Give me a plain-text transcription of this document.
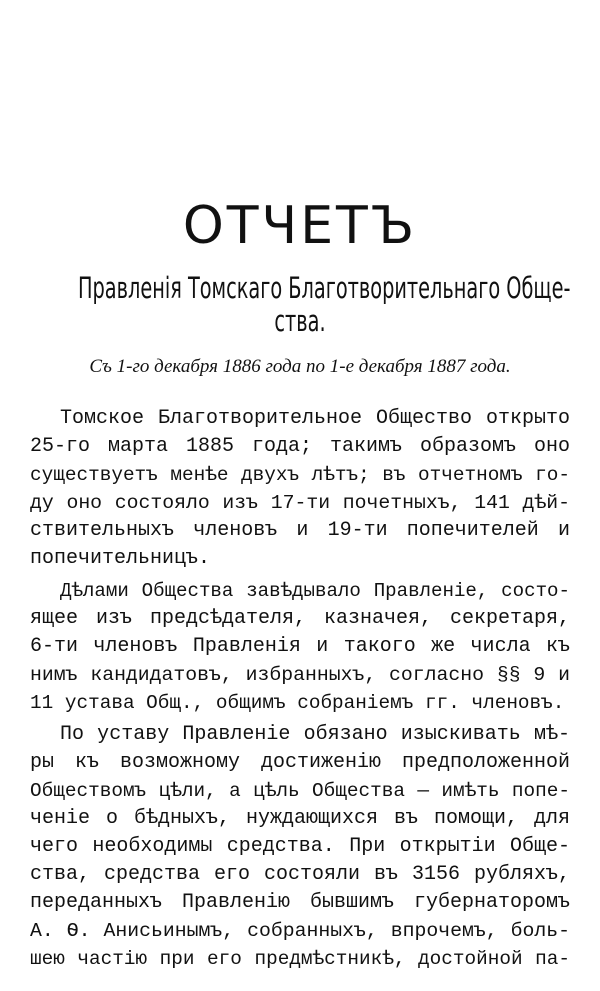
ОТЧЕТЪ
Правленія Томскаго Благотворительнаго Обще-
ства.
Съ 1-го декабря 1886 года по 1-е декабря 1887 года.
Томское Благотворительное Общество открыто
25-го марта 1885 года; такимъ образомъ оно
существуетъ менѣе двухъ лѣтъ; въ отчетномъ го-
ду оно состояло изъ 17-ти почетныхъ, 141 дѣй-
ствительныхъ членовъ и 19-ти попечителей и
попечительницъ.
Дѣлами Общества завѣдывало Правленіе, состо-
ящее изъ предсѣдателя, казначея, секретаря,
6-ти членовъ Правленія и такого же числа къ
нимъ кандидатовъ, избранныхъ, согласно §§ 9 и
11 устава Общ., общимъ собраніемъ гг. членовъ.
По уставу Правленіе обязано изыскивать мѣ-
ры къ возможному достиженію предположенной
Обществомъ цѣли, а цѣль Общества — имѣть попе-
ченіе о бѣдныхъ, нуждающихся въ помощи, для
чего необходимы средства. При открытіи Обще-
ства, средства его состояли въ 3156 рубляхъ,
переданныхъ Правленію бывшимъ губернаторомъ
А. Ѳ. Анисьинымъ, собранныхъ, впрочемъ, боль-
шею частію при его предмѣстникѣ, достойной па-
